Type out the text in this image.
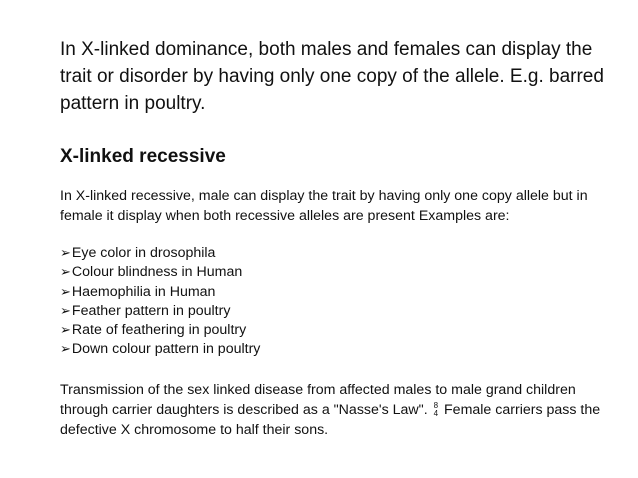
In X-linked dominance, both males and females can display the trait or disorder by having only one copy of the allele. E.g. barred pattern in poultry.

X-linked recessive

In X-linked recessive, male can display the trait by having only one copy allele but in female it display when both recessive alleles are present Examples are:

➢Eye color in drosophila
➢Colour blindness in Human
➢Haemophilia in Human
➢Feather pattern in poultry
➢Rate of feathering in poultry
➢Down colour pattern in poultry

Transmission of the sex linked disease from affected males to male grand children through carrier daughters is described as a "Nasse's Law". 8
4 Female carriers pass the defective X chromosome to half their sons.
